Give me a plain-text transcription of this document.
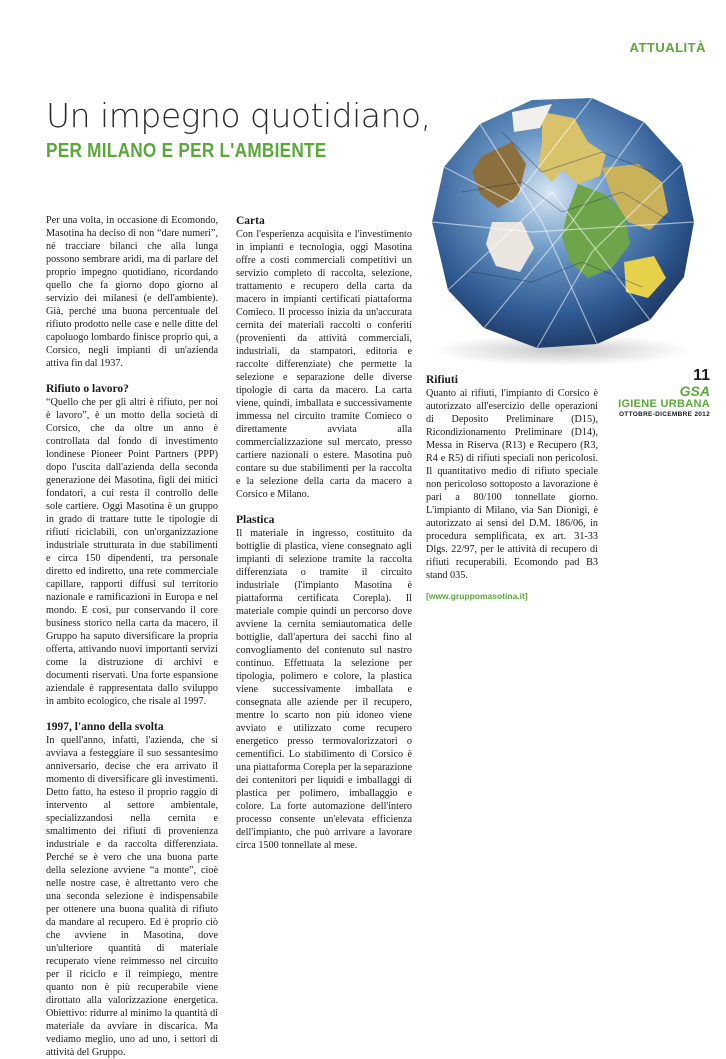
ATTUALITÀ
Un impegno quotidiano,
PER MILANO E PER L'AMBIENTE
11
GSA
IGIENE URBANA
OTTOBRE-DICEMBRE 2012

Per una volta, in occasione di Ecomondo, Masotina ha deciso di non “dare numeri”, né tracciare bilanci che alla lunga possono sembrare aridi, ma di parlare del proprio impegno quotidiano, ricordando quello che fa giorno dopo giorno al servizio dei milanesi (e dell'ambiente). Già, perché una buona percentuale del rifiuto prodotto nelle case e nelle ditte del capoluogo lombardo finisce proprio qui, a Corsico, negli impianti di un'azienda attiva fin dal 1937.

Rifiuto o lavoro?

“Quello che per gli altri è rifiuto, per noi è lavoro”, è un motto della società di Corsico, che da oltre un anno è controllata dal fondo di investimento londinese Pioneer Point Partners (PPP) dopo l'uscita dall'azienda della seconda generazione dei Masotina, figli dei mitici fondatori, a cui resta il controllo delle sole cartiere. Oggi Masotina è un gruppo in grado di trattare tutte le tipologie di rifiuti riciclabili, con un'organizzazione industriale strutturata in due stabilimenti e circa 150 dipendenti, tra personale diretto ed indiretto, una rete commerciale capillare, rapporti diffusi sul territorio nazionale e ramificazioni in Europa e nel mondo. E così, pur conservando il core business storico nella carta da macero, il Gruppo ha saputo diversificare la propria offerta, attivando nuovi importanti servizi come la distruzione di archivi e documenti riservati. Una forte espansione aziendale è rappresentata dallo sviluppo in ambito ecologico, che risale al 1997.

1997, l'anno della svolta

In quell'anno, infatti, l'azienda, che si avviava a festeggiare il suo sessantesimo anniversario, decise che era arrivato il momento di diversificare gli investimenti. Detto fatto, ha esteso il proprio raggio di intervento al settore ambientale, specializzandosi nella cernita e smaltimento dei rifiuti di provenienza industriale e da raccolta differenziata. Perché se è vero che una buona parte della selezione avviene “a monte”, cioè nelle nostre case, è altrettanto vero che una seconda selezione è indispensabile per ottenere una buona qualità di rifiuto da mandare al recupero. Ed è proprio ciò che avviene in Masotina, dove un'ulteriore quantità di materiale recuperato viene reimmesso nel circuito per il riciclo e il reimpiego, mentre quanto non è più recuperabile viene dirottato alla valorizzazione energetica. Obiettivo: ridurre al minimo la quantità di materiale da avviare in discarica. Ma vediamo meglio, uno ad uno, i settori di attività del Gruppo.

Carta

Con l'esperienza acquisita e l'investimento in impianti e tecnologia, oggi Masotina offre a costi commerciali competitivi un servizio completo di raccolta, selezione, trattamento e recupero della carta da macero in impianti certificati piattaforma Comieco. Il processo inizia da un'accurata cernita dei materiali raccolti o conferiti (provenienti da attività commerciali, industriali, da stampatori, editoria e raccolte differenziate) che permette la selezione e separazione delle diverse tipologie di carta da macero. La carta viene, quindi, imballata e successivamente immessa nel circuito tramite Comieco o direttamente avviata alla commercializzazione sul mercato, presso cartiere nazionali o estere. Masotina può contare su due stabilimenti per la raccolta e la selezione della carta da macero a Corsico e Milano.

Plastica

Il materiale in ingresso, costituito da bottiglie di plastica, viene consegnato agli impianti di selezione tramite la raccolta differenziata o tramite il circuito industriale (l'impianto Masotina è piattaforma certificata Corepla). Il materiale compie quindi un percorso dove avviene la cernita semiautomatica delle bottiglie, dall'apertura dei sacchi fino al convogliamento del contenuto sul nastro continuo. Effettuata la selezione per tipologia, polimero e colore, la plastica viene successivamente imballata e consegnata alle aziende per il recupero, mentre lo scarto non più idoneo viene avviato e utilizzato come recupero energetico presso termovalorizzatori o cementifici. Lo stabilimento di Corsico è una piattaforma Corepla per la separazione dei contenitori per liquidi e imballaggi di plastica per polimero, imballaggio e colore. La forte automazione dell'intero processo consente un'elevata efficienza dell'impianto, che può arrivare a lavorare circa 1500 tonnellate al mese.

Rifiuti

Quanto ai rifiuti, l'impianto di Corsico è autorizzato all'esercizio delle operazioni di Deposito Preliminare (D15), Ricondizionamento Preliminare (D14), Messa in Riserva (R13) e Recupero (R3, R4 e R5) di rifiuti speciali non pericolosi. Il quantitativo medio di rifiuto speciale non pericoloso sottoposto a lavorazione è pari a 80/100 tonnellate giorno. L'impianto di Milano, via San Dionigi, è autorizzato ai sensi del D.M. 186/06, in procedura semplificata, ex art. 31-33 Dlgs. 22/97, per le attività di recupero di rifiuti recuperabili. Ecomondo pad B3 stand 035.

[www.gruppomasotina.it]
